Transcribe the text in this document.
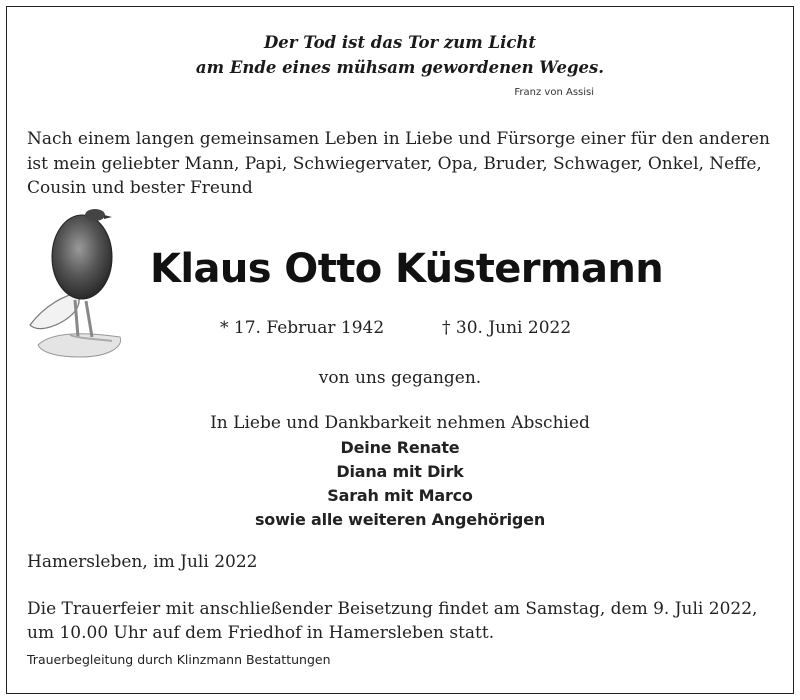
Der Tod ist das Tor zum Licht
am Ende eines mühsam gewordenen Weges.
Franz von Assisi
Nach einem langen gemeinsamen Leben in Liebe und Fürsorge einer für den anderen
ist mein geliebter Mann, Papi, Schwiegervater, Opa, Bruder, Schwager, Onkel, Neffe,
Cousin und bester Freund
Klaus Otto Küstermann
* 17. Februar 1942	† 30. Juni 2022
von uns gegangen.
In Liebe und Dankbarkeit nehmen Abschied
Deine Renate
Diana mit Dirk
Sarah mit Marco
sowie alle weiteren Angehörigen
Hamersleben, im Juli 2022
Die Trauerfeier mit anschließender Beisetzung findet am Samstag, dem 9. Juli 2022,
um 10.00 Uhr auf dem Friedhof in Hamersleben statt.
Trauerbegleitung durch Klinzmann Bestattungen
